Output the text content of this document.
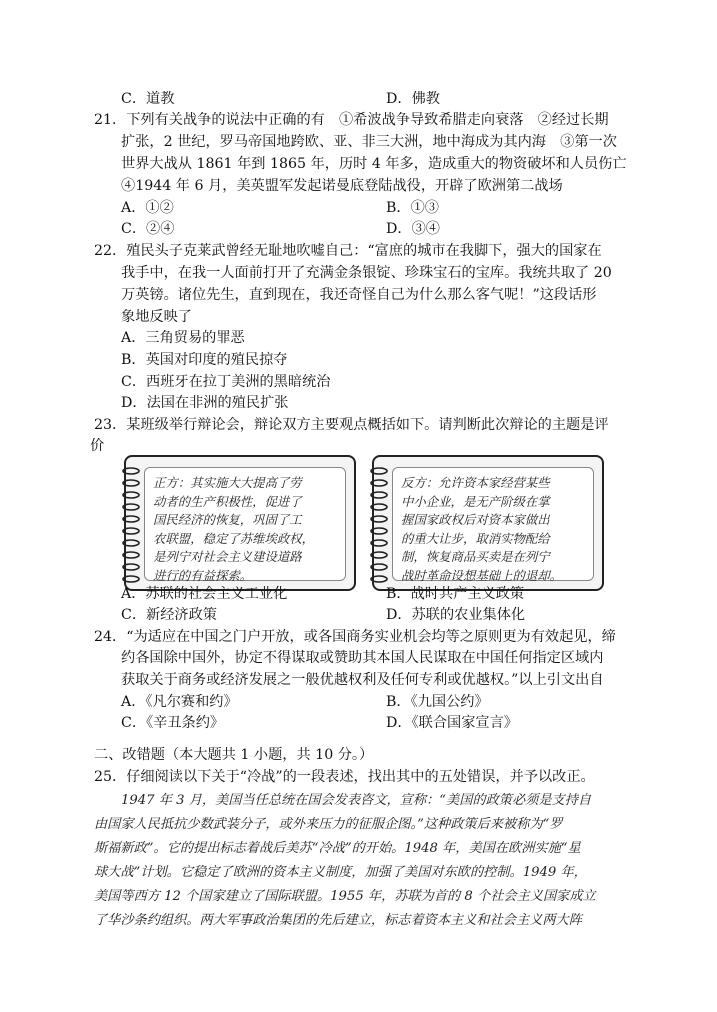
C．道教	D．佛教
21．下列有关战争的说法中正确的有　①希波战争导致希腊走向衰落　②经过长期
扩张，2 世纪，罗马帝国地跨欧、亚、非三大洲，地中海成为其内海　③第一次
世界大战从 1861 年到 1865 年，历时 4 年多，造成重大的物资破坏和人员伤亡
④1944 年 6 月，美英盟军发起诺曼底登陆战役，开辟了欧洲第二战场
A．①②	B．①③
C．②④	D．③④
22．殖民头子克莱武曾经无耻地吹嘘自己：“富庶的城市在我脚下，强大的国家在
我手中，在我一人面前打开了充满金条银锭、珍珠宝石的宝库。我统共取了 20
万英镑。诸位先生，直到现在，我还奇怪自己为什么那么客气呢！”这段话形
象地反映了
A．三角贸易的罪恶
B．英国对印度的殖民掠夺
C．西班牙在拉丁美洲的黑暗统治
D．法国在非洲的殖民扩张
23．某班级举行辩论会，辩论双方主要观点概括如下。请判断此次辩论的主题是评
价
正方：其实施大大提高了劳
动者的生产积极性，促进了
国民经济的恢复，巩固了工
农联盟，稳定了苏维埃政权，
是列宁对社会主义建设道路
进行的有益探索。
反方：允许资本家经营某些
中小企业，是无产阶级在掌
握国家政权后对资本家做出
的重大让步，取消实物配给
制，恢复商品买卖是在列宁
战时革命设想基础上的退却。
A．苏联的社会主义工业化	B．战时共产主义政策
C．新经济政策	D．苏联的农业集体化
24．“为适应在中国之门户开放，或各国商务实业机会均等之原则更为有效起见，缔
约各国除中国外，协定不得谋取或赞助其本国人民谋取在中国任何指定区域内
获取关于商务或经济发展之一般优越权利及任何专利或优越权。”以上引文出自
A．《凡尔赛和约》	B．《九国公约》
C．《辛丑条约》	D．《联合国家宣言》
二、改错题（本大题共 1 小题，共 10 分。）
25．仔细阅读以下关于“冷战”的一段表述，找出其中的五处错误，并予以改正。
1947 年 3 月，美国当任总统在国会发表咨文，宣称：“美国的政策必须是支持自
由国家人民抵抗少数武装分子，或外来压力的征服企图。”这种政策后来被称为“罗
斯福新政”。它的提出标志着战后美苏“冷战”的开始。1948 年，美国在欧洲实施“星
球大战”计划。它稳定了欧洲的资本主义制度，加强了美国对东欧的控制。1949 年，
美国等西方 12 个国家建立了国际联盟。1955 年，苏联为首的 8 个社会主义国家成立
了华沙条约组织。两大军事政治集团的先后建立，标志着资本主义和社会主义两大阵
